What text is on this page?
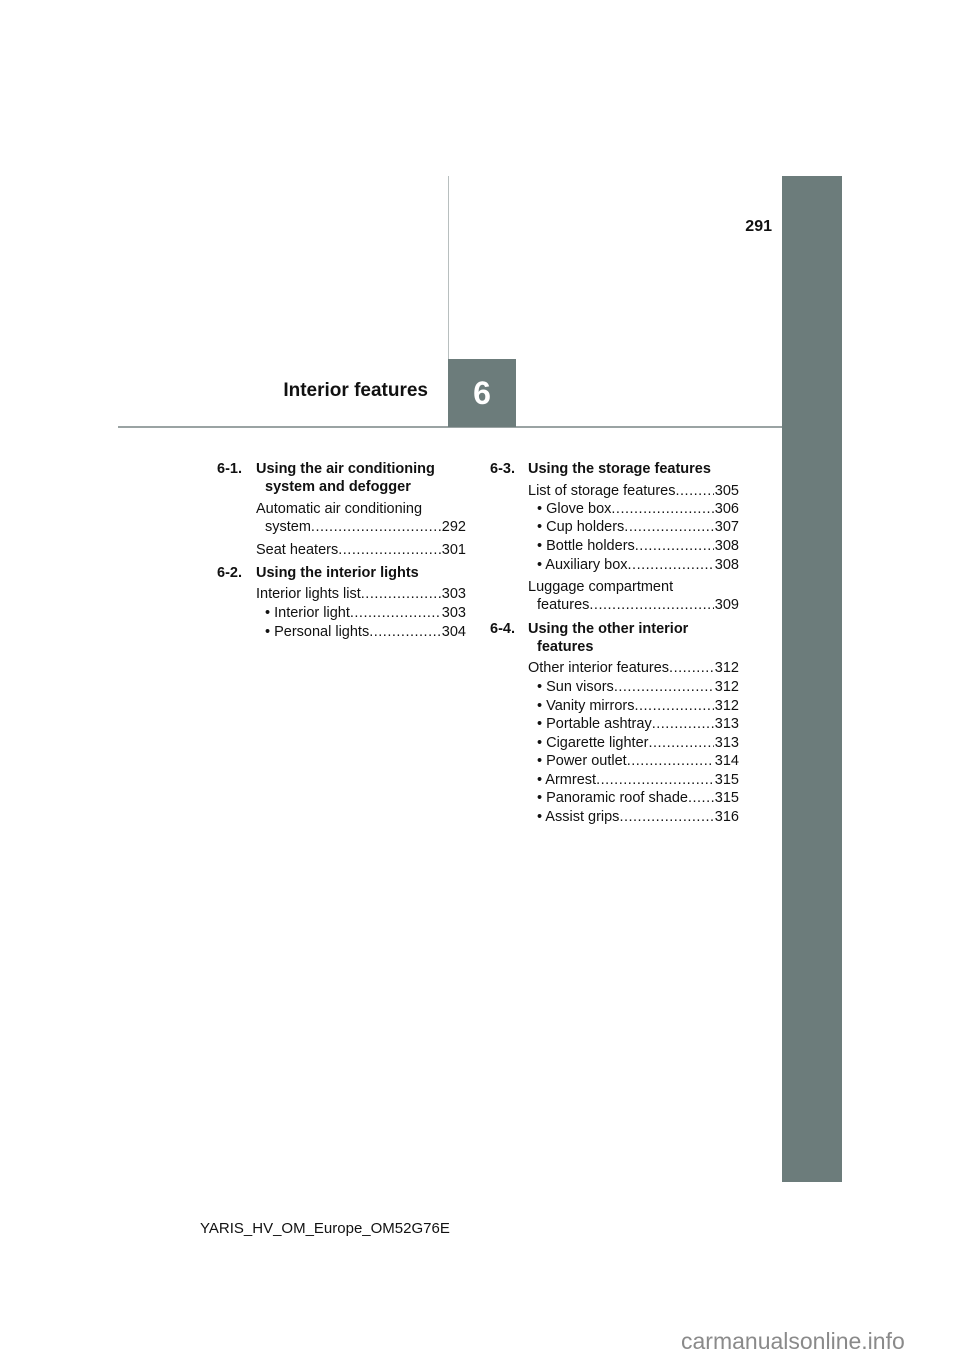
291
Interior features 6
6-1. Using the air conditioning
system and defogger
Automatic air conditioning
system .....	292
Seat heaters .....	301
6-2. Using the interior lights
Interior lights list .....	303
• Interior light .....	303
• Personal lights .....	304
6-3. Using the storage features
List of storage features .....	305
• Glove box .....	306
• Cup holders .....	307
• Bottle holders .....	308
• Auxiliary box .....	308
Luggage compartment
features .....	309
6-4. Using the other interior
features
Other interior features .....	312
• Sun visors .....	312
• Vanity mirrors .....	312
• Portable ashtray .....	313
• Cigarette lighter .....	313
• Power outlet .....	314
• Armrest .....	315
• Panoramic roof shade ..... 315
• Assist grips .....	316
YARIS_HV_OM_Europe_OM52G76E
carmanualsonline.info
